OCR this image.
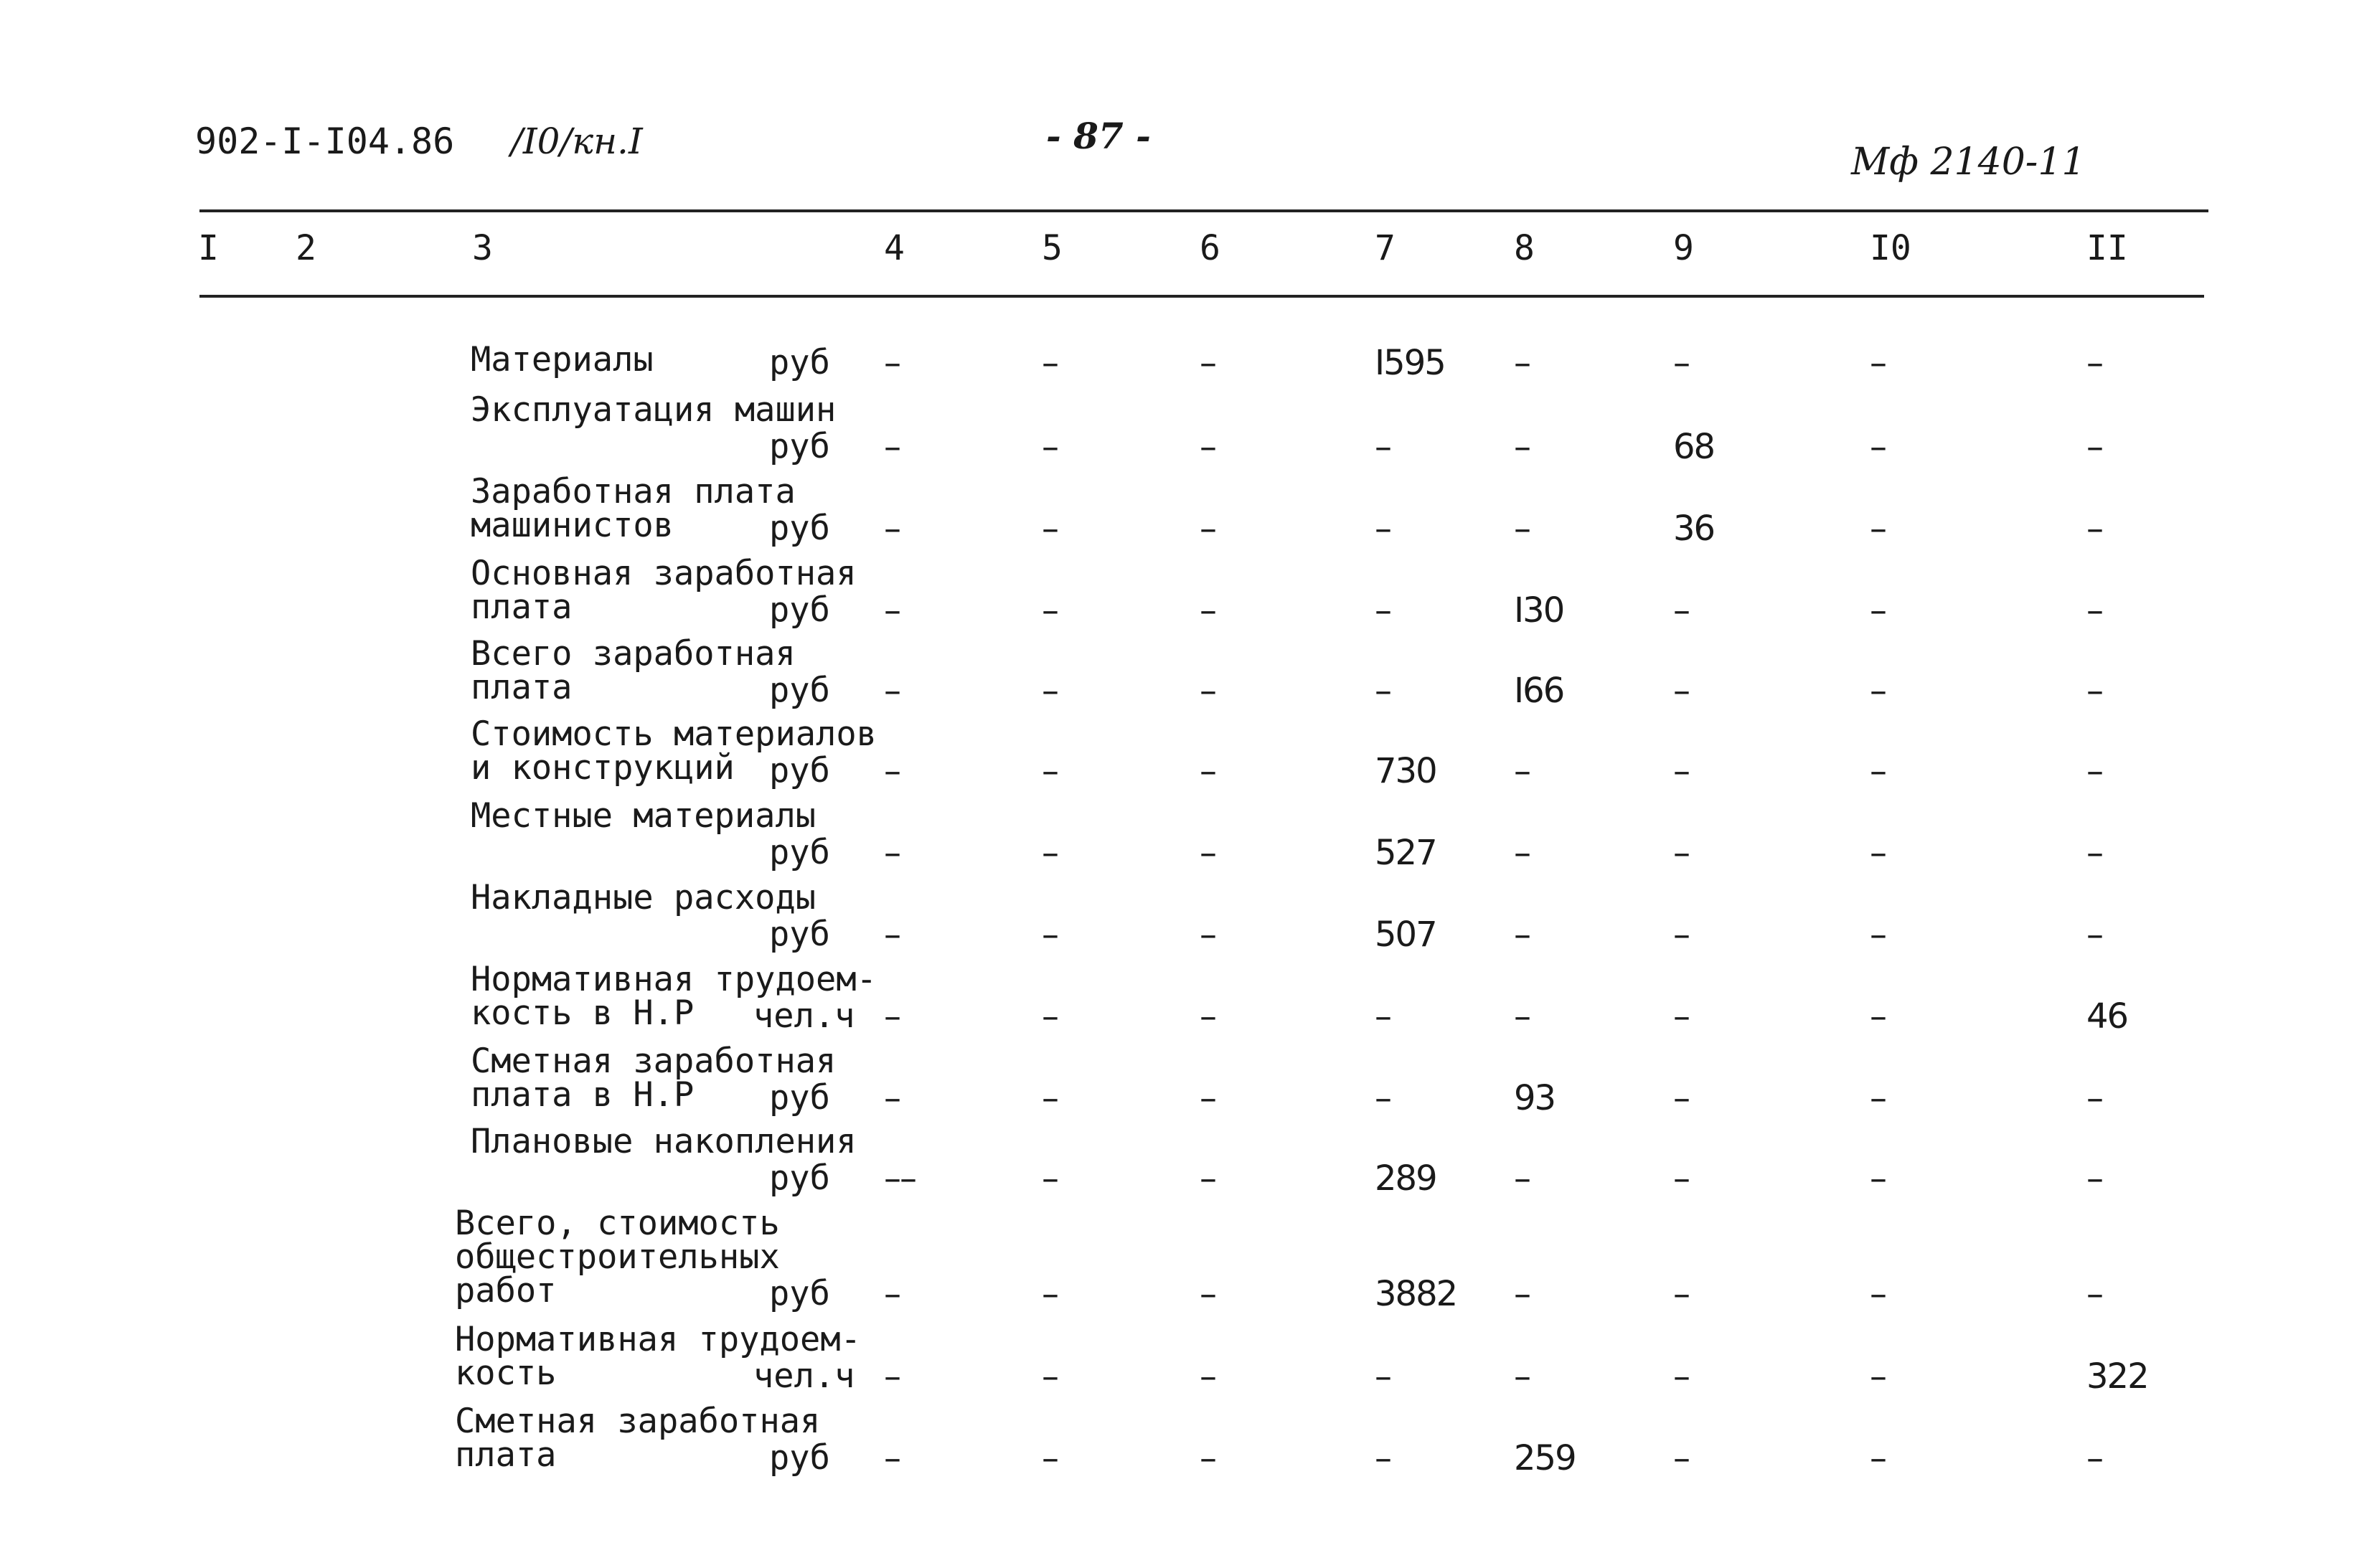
902-I-I04.86 /I0/кн.I	- 87 -
Мф 2140-11
I 2	3	4	5	6	7	8	9	I0	II
Материалы	руб –	–	–	I595 –	–	–	–
Эксплуатация машин
руб –	–	–	–	–	68	–	–
Заработная плата
машинистов	руб –	–	–	–	–	36	–	–
Основная заработная
плата	руб –	–	–	–	I30	–	–	–
Всего заработная
плата	руб –	–	–	–	I66	–	–	–
Стоимость материалов
и конструкций	руб –	–	–	730 –	–	–	–
Местные материалы
руб –	–	–	527 –	–	–	–
Накладные расходы
руб –	–	–	507 –	–	–	–
Нормативная трудоем-
кость в Н.Р	чел.ч –	–	–	–	–	–	–	46
Сметная заработная
плата в Н.Р	руб –	–	–	–	93	–	–	–
Плановые накопления
руб ––	–	–	289 –	–	–	–
Всего, стоимость
общестроительных
работ	руб –	–	–	3882 –	–	–	–
Нормативная трудоем-
кость	чел.ч –	–	–	–	–	–	–	322
Сметная заработная
плата	руб –	–	–	–	259	–	–	–
